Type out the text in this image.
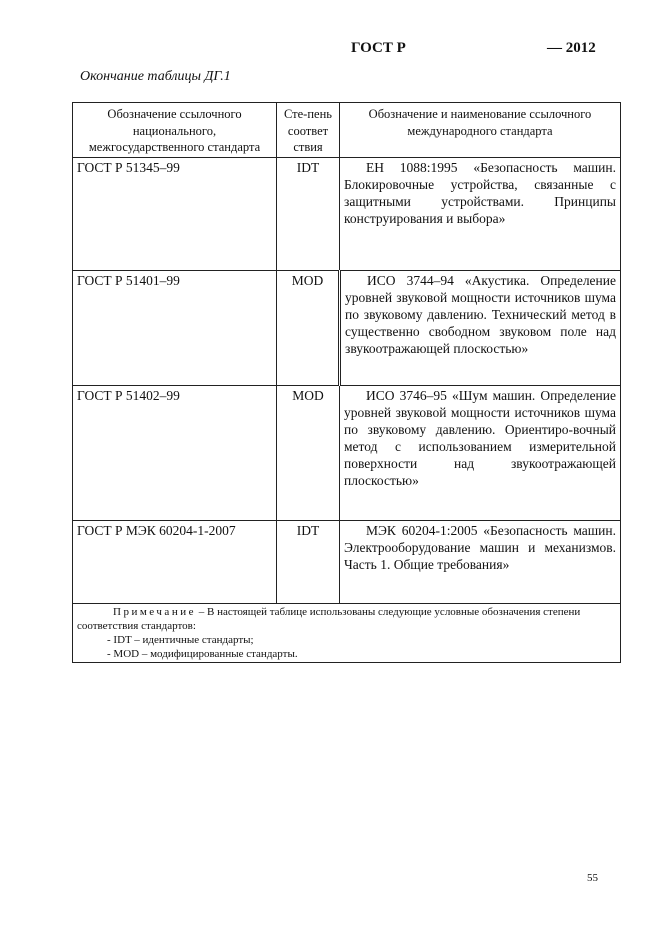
ГОСТ Р	— 2012
Окончание таблицы ДГ.1
Обозначение ссылочного национального, межгосударственного стандарта	Сте-пень соответ ствия	Обозначение и наименование ссылочного международного стандарта
ГОСТ Р 51345–99	IDT	ЕН 1088:1995 «Безопасность машин. Блокировочные устройства, связанные с защитными устройствами. Принципы конструирования и выбора»
ГОСТ Р 51401–99	MOD	ИСО 3744–94 «Акустика. Определение уровней звуковой мощности источников шума по звуковому давлению. Технический метод в существенно свободном звуковом поле над звукоотражающей плоскостью»
ГОСТ Р 51402–99	MOD	ИСО 3746–95 «Шум машин. Определение уровней звуковой мощности источников шума по звуковому давлению. Ориентиро-вочный метод с использованием измерительной поверхности над звукоотражающей плоскостью»
ГОСТ Р МЭК 60204-1-2007	IDT	МЭК 60204-1:2005 «Безопасность машин. Электрооборудование машин и механизмов. Часть 1. Общие требования»

Примечание – В настоящей таблице использованы следующие условные обозначения степени соответствия стандартов:
- IDT – идентичные стандарты;
- MOD – модифицированные стандарты.		
55
